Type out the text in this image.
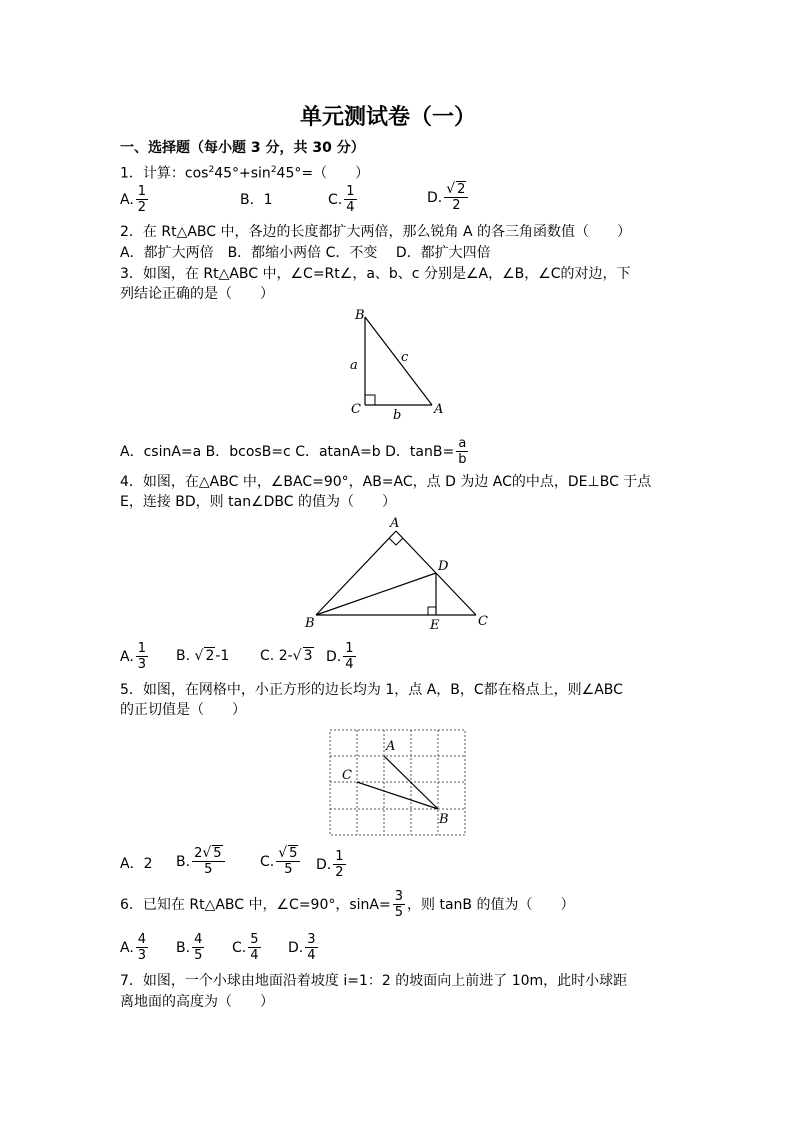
单元测试卷（一）
一、选择题（每小题 3 分，共 30 分）
1．计算：$\cos^245^\circ+\sin^245^\circ=$（　　）
A. $\frac{1}{2}$	B．1	C. $\frac{1}{4}$	D. $\frac{√ 2}{2}$
2．在 Rt△ABC 中，各边的长度都扩大两倍，那么锐角 A 的各三角函数值（　　）
A．都扩大两倍　B．都缩小两倍 C．不变　 D．都扩大四倍
3．如图，在 Rt△ABC 中，∠C=Rt∠，a、b、c 分别是∠A，∠B，∠C的对边，下
列结论正确的是（　　）
B
C	A
a
b
c
A．csinA=a B．bcosB=c C．atanA=b D．$\tan B= \frac{a}{b}$
4．如图，在△ABC 中，∠BAC=90°，AB=AC，点 D 为边 AC的中点，DE⊥BC 于点
E，连接 BD，则 tan∠DBC 的值为（　　）
A
B	C
D
E
A. $\frac{1}{3} B$. √ 2-1 C. 2-√ 3 D. $\frac{1}{4}$
5．如图，在网格中，小正方形的边长均为 1，点 A，B，C都在格点上，则∠ABC
的正切值是（　　）
A
C
B
A．2 B. $\frac{2√ 5}{5}$	C. $\frac{√ 5}{5} D$. $\frac{1}{2}$
6．已知在 Rt△ABC 中，∠C=90°，$\sin A= \frac{3}{5}$ ，则 tanB 的值为（　　）
A. $\frac{4}{3} B$. $\frac{4}{5} C$. $\frac{5}{4} D$. $\frac{3}{4}$
7．如图，一个小球由地面沿着坡度 i=1：2 的坡面向上前进了 10m，此时小球距
离地面的高度为（　　）
